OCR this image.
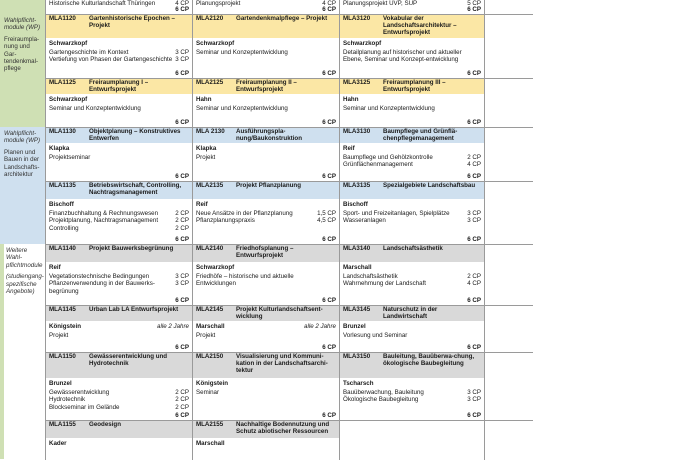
Wahlpflicht-module (WP)
Freiraumpla-nung und Gar-tendenkmal-pflege
Wahlpflicht-module (WP)
Planen und Bauen in der Landschafts-architektur
Weitere Wahl-pflichtmodule
(studiengang-spezifische Angebote)
Historische Kulturlandschaft Thüringen	4 CP
6 CP
Planungsprojekt	4 CP
6 CP
Planungsprojekt UVP, SUP	5 CP
6 CP
MLA1120	Gartenhistorische Epochen – Projekt
Schwarzkopf
Gartengeschichte im Kontext	3 CP
Vertiefung von Phasen der Gartengeschichte 3 CP
6 CP
MLA2120	Gartendenkmalpflege – Projekt
Schwarzkopf
Seminar und Konzeptentwicklung
6 CP
MLA3120	Vokabular der Landschaftsarchitektur – Entwurfsprojekt
Schwarzkopf
Detailplanung auf historischer und aktueller Ebene, Seminar und Konzept-entwicklung
6 CP
MLA1125	Freiraumplanung I – Entwurfsprojekt
Schwarzkopf
Seminar und Konzeptentwicklung
6 CP
MLA2125	Freiraumplanung II – Entwurfsprojekt
Hahn
Seminar und Konzeptentwicklung
6 CP
MLA3125	Freiraumplanung III – Entwurfsprojekt
Hahn
Seminar und Konzeptentwicklung
6 CP
MLA1130	Objektplanung – Konstruktives Entwerfen
Klapka
Projektseminar
6 CP
MLA 2130	Ausführungspla-nung/Baukonstruktion
Klapka
Projekt
6 CP
MLA3130	Baumpflege und Grünflä-chenpflegemanagement
Reif
Baumpflege und Gehölzkontrolle	2 CP
Grünflächenmanagement	4 CP
6 CP
MLA1135	Betriebswirtschaft, Controlling, Nachtragsmanagement
Bischoff
Finanzbuchhaltung & Rechnungswesen	2 CP
Projektplanung, Nachtragsmanagement	2 CP
Controlling	2 CP
6 CP
MLA2135	Projekt Pflanzplanung
Reif
Neue Ansätze in der Pflanzplanung	1,5 CP
Pflanzplanungspraxis	4,5 CP
6 CP
MLA3135	Spezialgebiete Landschaftsbau
Bischoff
Sport- und Freizeitanlagen, Spielplätze	3 CP
Wasseranlagen	3 CP
6 CP
MLA1140	Projekt Bauwerksbegrünung
Reif
Vegetationstechnische Bedingungen	3 CP
Pflanzenverwendung in der Bauwerks-begrünung
3 CP
6 CP
MLA2140	Friedhofsplanung – Entwurfsprojekt
Schwarzkopf
Friedhöfe – historische und aktuelle Entwicklungen
6 CP
MLA3140	Landschaftsästhetik
Marschall
Landschaftsästhetik	2 CP
Wahrnehmung der Landschaft	4 CP
6 CP
MLA1145	Urban Lab LA Entwurfsprojekt
Königstein	alle 2 Jahre
Projekt
6 CP
MLA2145	Projekt Kulturlandschaftsent-wicklung
Marschall	alle 2 Jahre
Projekt
6 CP
MLA3145	Naturschutz in der Landwirtschaft
Brunzel
Vorlesung und Seminar
6 CP
MLA1150	Gewässerentwicklung und Hydrotechnik
Brunzel
Gewässerentwicklung	2 CP
Hydrotechnik	2 CP
Blockseminar im Gelände	2 CP
6 CP
MLA2150	Visualisierung und Kommuni-kation in der Landschaftsarchi-tektur
Königstein
Seminar
6 CP
MLA3150	Bauleitung, Bauüberwa-chung, ökologische Baubegleitung
Tscharsch
Bauüberwachung, Bauleitung	3 CP
Ökologische Baubegleitung	3 CP
6 CP
MLA1155	Geodesign
Kader
MLA2155	Nachhaltige Bodennutzung und Schutz abiotischer Ressourcen
Marschall
